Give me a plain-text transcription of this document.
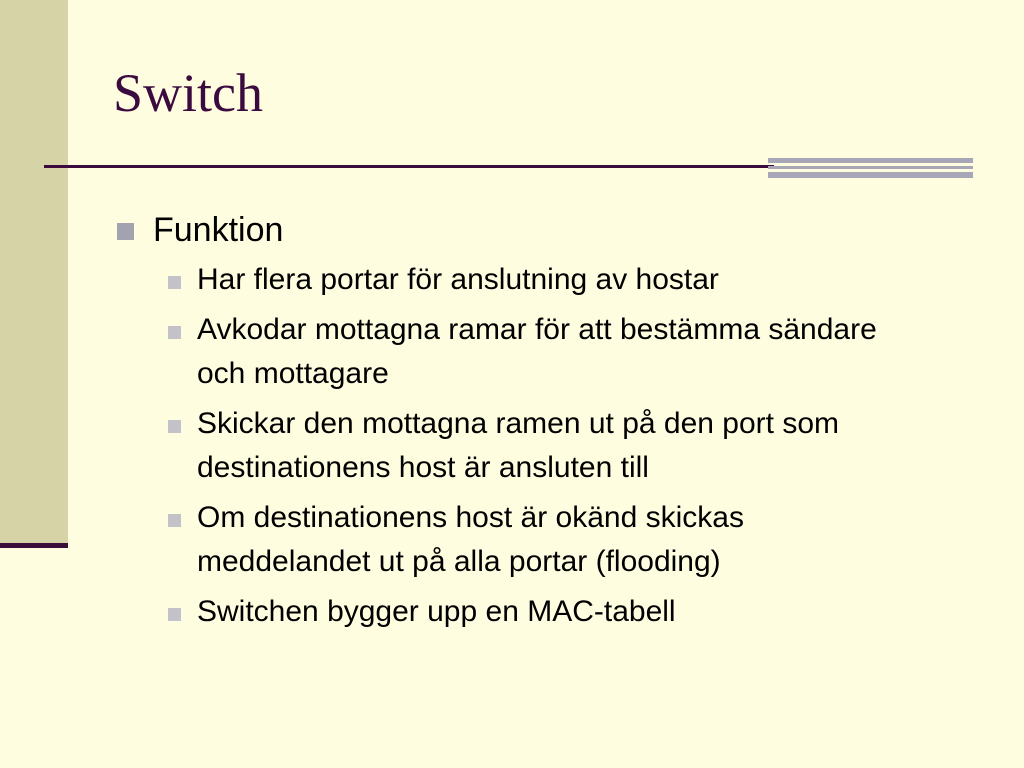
Switch
Funktion
Har flera portar för anslutning av hostar
Avkodar mottagna ramar för att bestämma sändare och mottagare
Skickar den mottagna ramen ut på den port som destinationens host är ansluten till
Om destinationens host är okänd skickas meddelandet ut på alla portar (flooding)
Switchen bygger upp en MAC-tabell
